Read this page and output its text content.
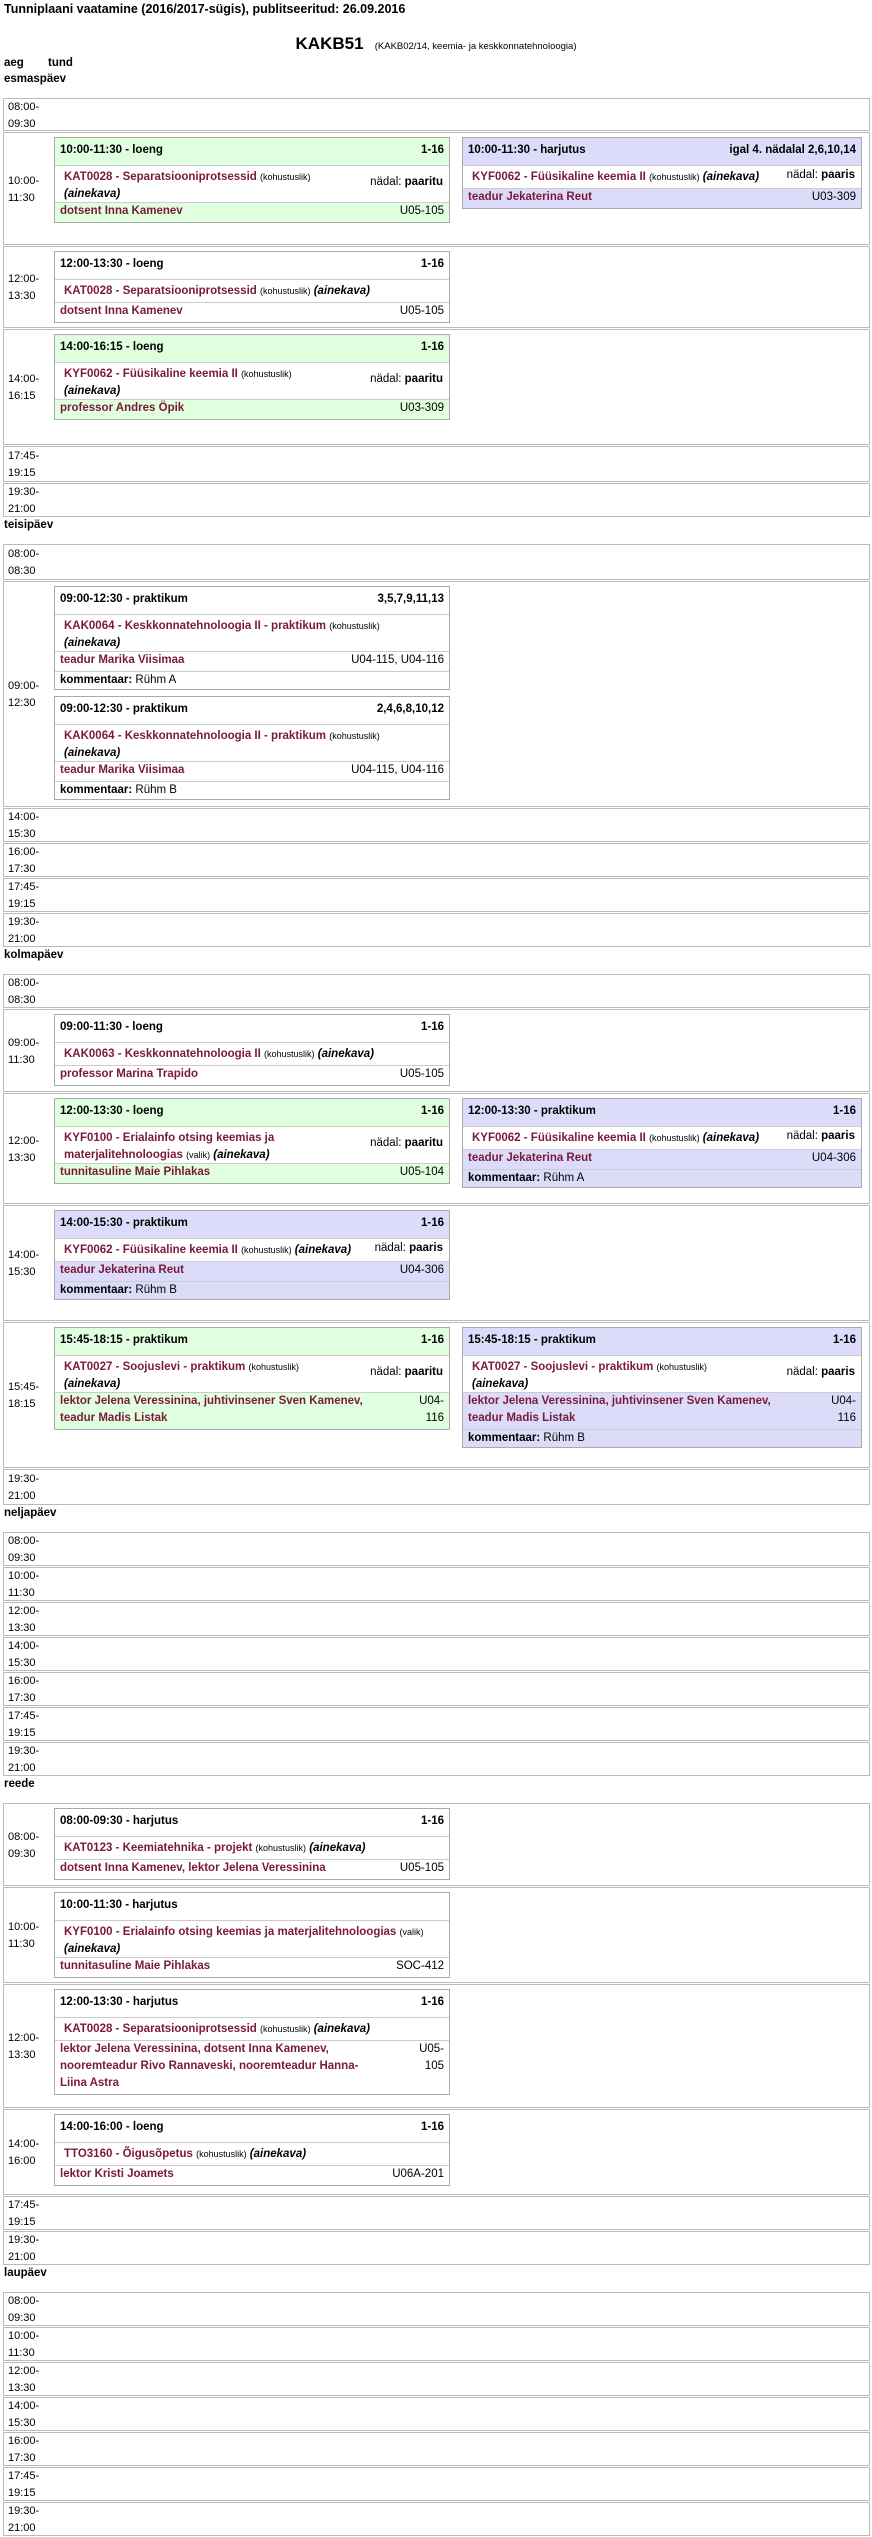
Tunniplaani vaatamine (2016/2017-sügis), publitseeritud: 26.09.2016
KAKB51 (KAKB02/14, keemia- ja keskkonnatehnoloogia)
aeg tund
esmaspäev
08:00-
09:30
10:00-
11:30
10:00-11:30 - loeng	1-16
KAT0028 - Separatsiooniprotsessid (kohustuslik)
(ainekava)
nädal: paaritu
dotsent Inna Kamenev	U05-105
10:00-11:30 - harjutus	igal 4. nädalal 2,6,10,14
KYF0062 - Füüsikaline keemia II (kohustuslik) (ainekava) nädal: paaris
teadur Jekaterina Reut	U03-309
12:00-
13:30
12:00-13:30 - loeng	1-16
KAT0028 - Separatsiooniprotsessid (kohustuslik) (ainekava)
dotsent Inna Kamenev	U05-105
14:00-
16:15
14:00-16:15 - loeng	1-16
KYF0062 - Füüsikaline keemia II (kohustuslik)
(ainekava)
nädal: paaritu
professor Andres Öpik	U03-309
17:45-
19:15
19:30-
21:00
teisipäev
08:00-
08:30
09:00-
12:30
09:00-12:30 - praktikum	3,5,7,9,11,13
KAK0064 - Keskkonnatehnoloogia II - praktikum (kohustuslik)
(ainekava)
teadur Marika Viisimaa	U04-115, U04-116
kommentaar: Rühm A
09:00-12:30 - praktikum	2,4,6,8,10,12
KAK0064 - Keskkonnatehnoloogia II - praktikum (kohustuslik)
(ainekava)
teadur Marika Viisimaa	U04-115, U04-116
kommentaar: Rühm B
14:00-
15:30
16:00-
17:30
17:45-
19:15
19:30-
21:00
kolmapäev
08:00-
08:30
09:00-
11:30
09:00-11:30 - loeng	1-16
KAK0063 - Keskkonnatehnoloogia II (kohustuslik) (ainekava)
professor Marina Trapido	U05-105
12:00-
13:30
12:00-13:30 - loeng	1-16
KYF0100 - Erialainfo otsing keemias ja
materjalitehnoloogias (valik) (ainekava)
nädal: paaritu
tunnitasuline Maie Pihlakas	U05-104
12:00-13:30 - praktikum	1-16
KYF0062 - Füüsikaline keemia II (kohustuslik) (ainekava) nädal: paaris
teadur Jekaterina Reut	U04-306
kommentaar: Rühm A
14:00-
15:30
14:00-15:30 - praktikum	1-16
KYF0062 - Füüsikaline keemia II (kohustuslik) (ainekava) nädal: paaris
teadur Jekaterina Reut	U04-306
kommentaar: Rühm B
15:45-
18:15
15:45-18:15 - praktikum	1-16
KAT0027 - Soojuslevi - praktikum (kohustuslik)
(ainekava)
nädal: paaritu
lektor Jelena Veressinina, juhtivinsener Sven Kamenev,
teadur Madis Listak
U04-
116
15:45-18:15 - praktikum	1-16
KAT0027 - Soojuslevi - praktikum (kohustuslik)
(ainekava)
nädal: paaris
lektor Jelena Veressinina, juhtivinsener Sven Kamenev,
teadur Madis Listak
U04-
116
kommentaar: Rühm B
19:30-
21:00
neljapäev
08:00-
09:30
10:00-
11:30
12:00-
13:30
14:00-
15:30
16:00-
17:30
17:45-
19:15
19:30-
21:00
reede
08:00-
09:30
08:00-09:30 - harjutus	1-16
KAT0123 - Keemiatehnika - projekt (kohustuslik) (ainekava)
dotsent Inna Kamenev, lektor Jelena Veressinina	U05-105
10:00-
11:30
10:00-11:30 - harjutus
KYF0100 - Erialainfo otsing keemias ja materjalitehnoloogias (valik)
(ainekava)
tunnitasuline Maie Pihlakas	SOC-412
12:00-
13:30
12:00-13:30 - harjutus	1-16
KAT0028 - Separatsiooniprotsessid (kohustuslik) (ainekava)
lektor Jelena Veressinina, dotsent Inna Kamenev,
nooremteadur Rivo Rannaveski, nooremteadur Hanna-
Liina Astra
U05-
105
14:00-
16:00
14:00-16:00 - loeng	1-16
TTO3160 - Õigusõpetus (kohustuslik) (ainekava)
lektor Kristi Joamets	U06A-201
17:45-
19:15
19:30-
21:00
laupäev
08:00-
09:30
10:00-
11:30
12:00-
13:30
14:00-
15:30
16:00-
17:30
17:45-
19:15
19:30-
21:00
